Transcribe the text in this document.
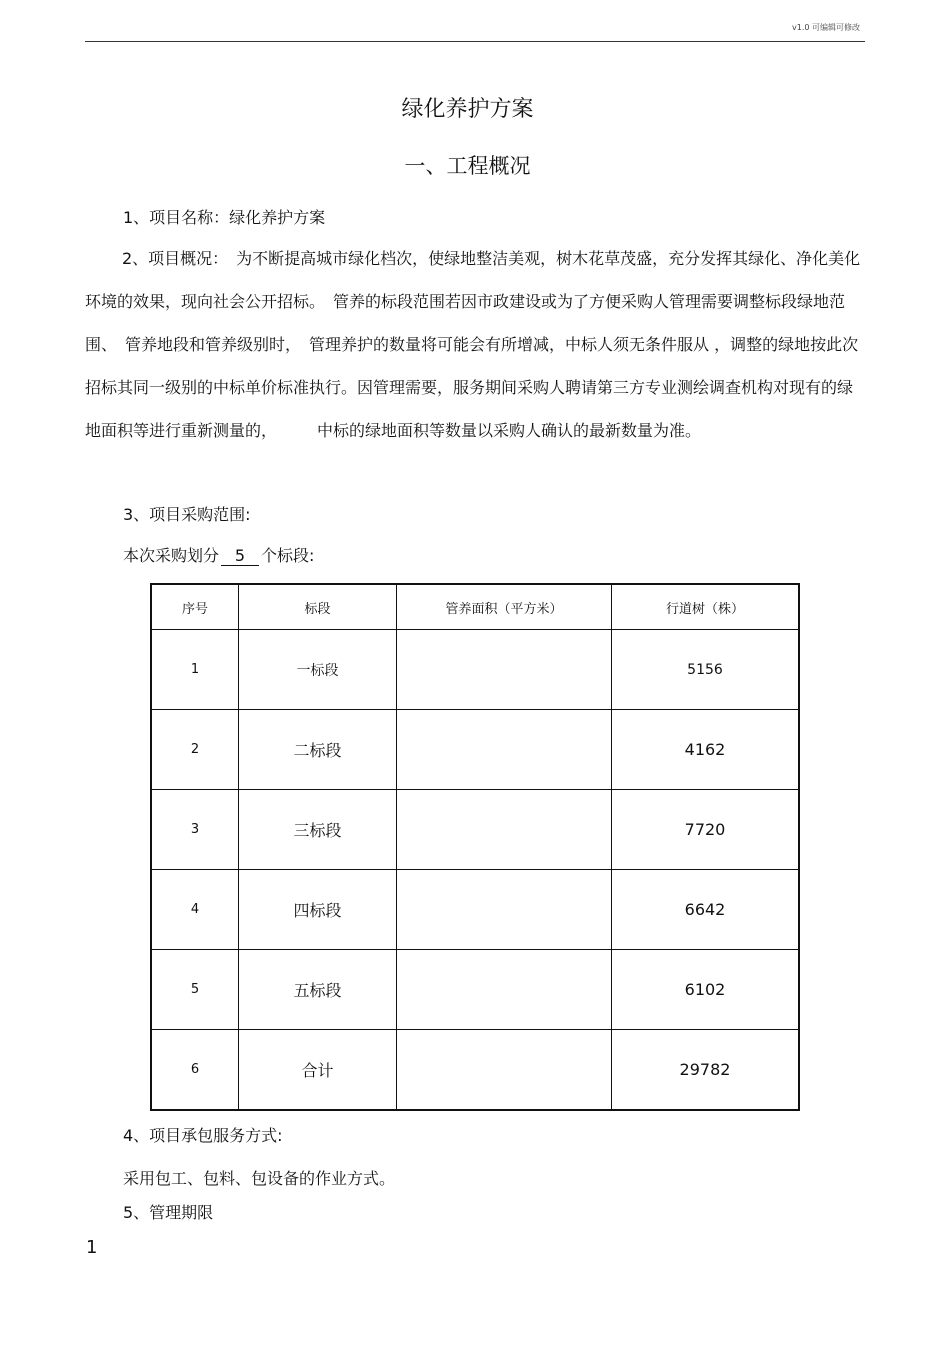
v1.0 可编辑可修改
绿化养护方案
一、工程概况
1、项目名称：绿化养护方案

2、项目概况：　为不断提高城市绿化档次，使绿地整洁美观，树木花草茂盛，充分发挥其绿化、净化美化环境的效果，现向社会公开招标。　管养的标段范围若因市政建设或为了方便采购人管理需要调整标段绿地范围、　管养地段和管养级别时，　管理养护的数量将可能会有所增减，中标人须无条件服从 ，调整的绿地按此次招标其同一级别的中标单价标准执行。因管理需要，服务期间采购人聘请第三方专业测绘调查机构对现有的绿地面积等进行重新测量的，　　　中标的绿地面积等数量以采购人确认的最新数量为准。

3、项目采购范围:
本次采购划分 5 个标段:
序号	标段	管养面积（平方米）	行道树（株）
1	一标段		5156
2	二标段		4162
3	三标段		7720
4	四标段		6642
5	五标段		6102
6	合计		29782
4、项目承包服务方式:
采用包工、包料、包设备的作业方式。
5、管理期限
1
